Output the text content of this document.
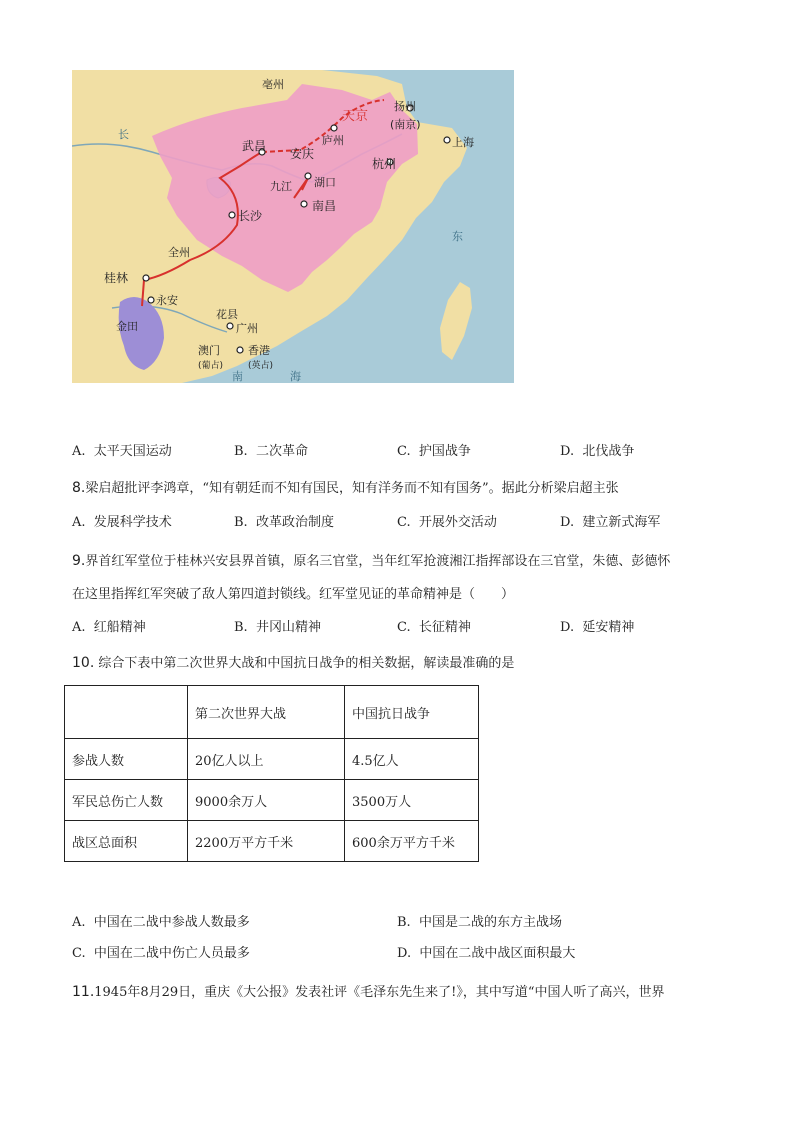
亳州
扬州
天京
(南京)
庐州	上海
武昌
安庆
杭州
九江 湖口
南昌
长沙
全州
桂林
永安
金田
花县
广州
澳门
(葡占)
香港
(英占)
长
东
南	海
A. 太平天国运动	B. 二次革命	C. 护国战争	D. 北伐战争
8.梁启超批评李鸿章，“知有朝廷而不知有国民，知有洋务而不知有国务”。据此分析梁启超主张
A. 发展科学技术	B. 改革政治制度	C. 开展外交活动	D. 建立新式海军
9.界首红军堂位于桂林兴安县界首镇，原名三官堂，当年红军抢渡湘江指挥部设在三官堂，朱德、彭德怀
在这里指挥红军突破了敌人第四道封锁线。红军堂见证的革命精神是（　　）
A. 红船精神	B. 井冈山精神	C. 长征精神	D. 延安精神
10. 综合下表中第二次世界大战和中国抗日战争的相关数据，解读最准确的是
	第二次世界大战	中国抗日战争
参战人数	20亿人以上	4.5亿人
军民总伤亡人数	9000余万人	3500万人
战区总面积	2200万平方千米	600余万平方千米
A. 中国在二战中参战人数最多	B. 中国是二战的东方主战场
C. 中国在二战中伤亡人员最多	D. 中国在二战中战区面积最大
11.1945年8月29日，重庆《大公报》发表社评《毛泽东先生来了!》，其中写道“中国人听了高兴，世界
